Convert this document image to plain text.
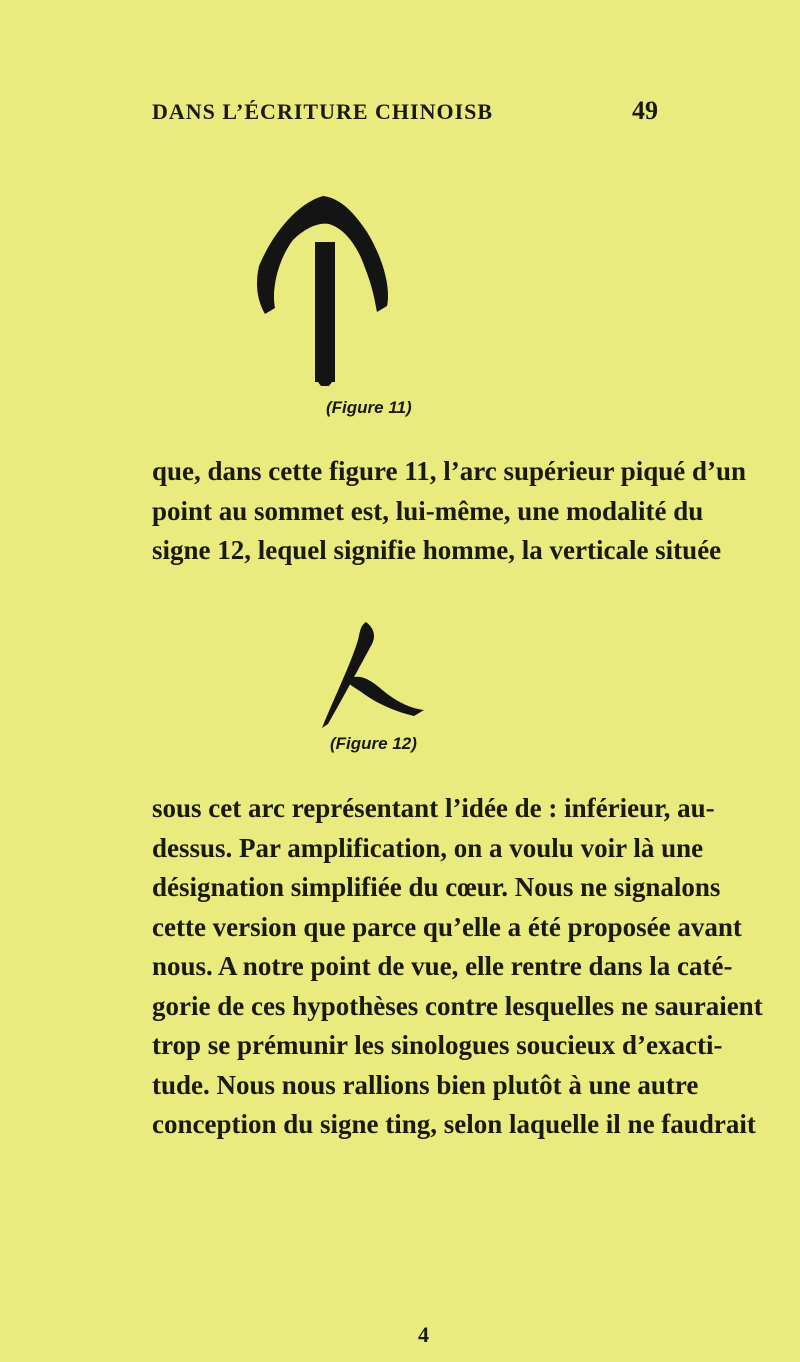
DANS L’ÉCRITURE CHINOISB	49
(Figure 11)
que, dans cette figure 11, l’arc supérieur piqué d’un
point au sommet est, lui-même, une modalité du
signe 12, lequel signifie homme, la verticale située
(Figure 12)
sous cet arc représentant l’idée de : inférieur, au-
dessus. Par amplification, on a voulu voir là une
désignation simplifiée du cœur. Nous ne signalons
cette version que parce qu’elle a été proposée avant
nous. A notre point de vue, elle rentre dans la caté-
gorie de ces hypothèses contre lesquelles ne sauraient
trop se prémunir les sinologues soucieux d’exacti-
tude. Nous nous rallions bien plutôt à une autre
conception du signe ting, selon laquelle il ne faudrait
4
